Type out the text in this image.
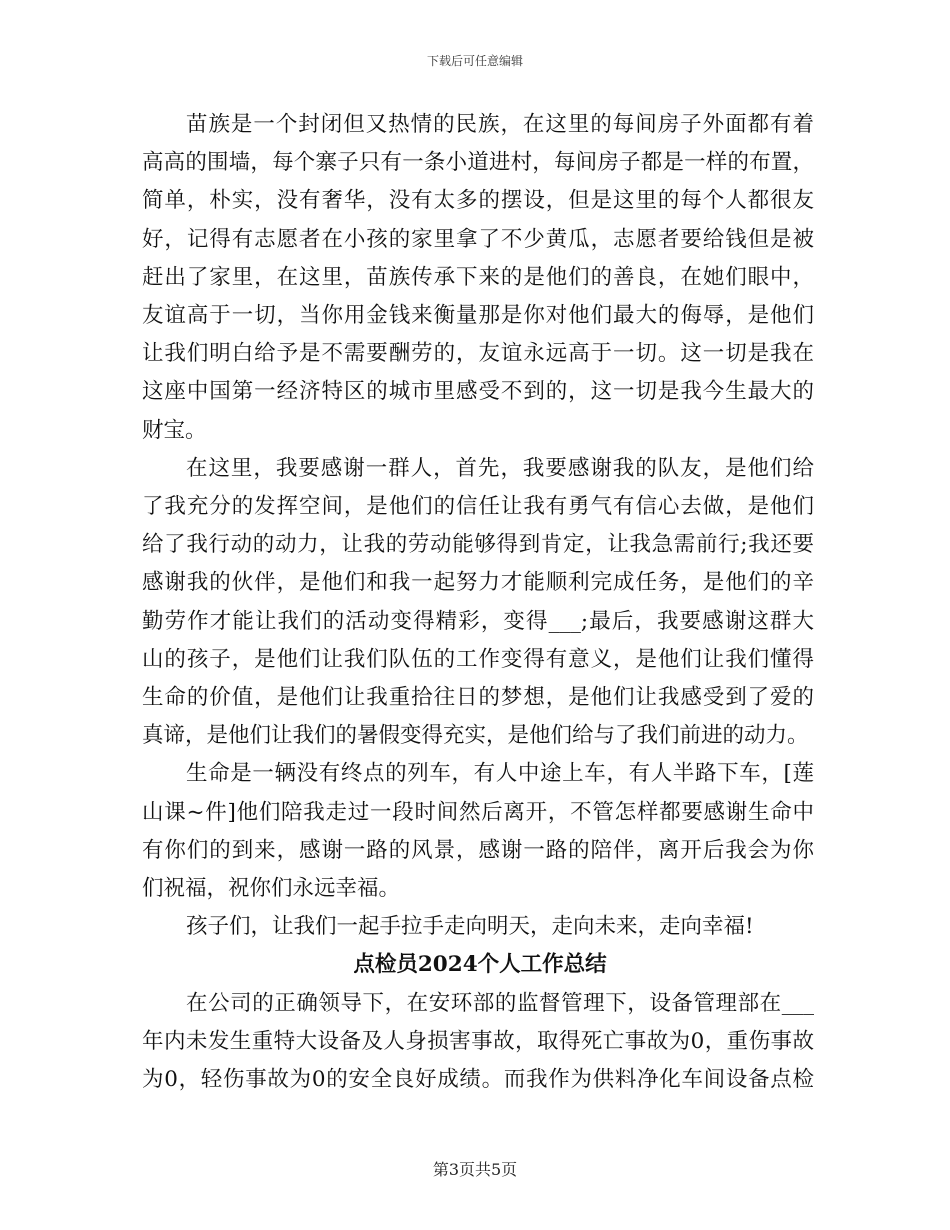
下载后可任意编辑

苗族是一个封闭但又热情的民族，在这里的每间房子外面都有着
高高的围墙，每个寨子只有一条小道进村，每间房子都是一样的布置，
简单，朴实，没有奢华，没有太多的摆设，但是这里的每个人都很友
好，记得有志愿者在小孩的家里拿了不少黄瓜，志愿者要给钱但是被
赶出了家里，在这里，苗族传承下来的是他们的善良，在她们眼中，
友谊高于一切，当你用金钱来衡量那是你对他们最大的侮辱，是他们
让我们明白给予是不需要酬劳的，友谊永远高于一切。这一切是我在
这座中国第一经济特区的城市里感受不到的，这一切是我今生最大的
财宝。

在这里，我要感谢一群人，首先，我要感谢我的队友，是他们给
了我充分的发挥空间，是他们的信任让我有勇气有信心去做，是他们
给了我行动的动力，让我的劳动能够得到肯定，让我急需前行;我还要
感谢我的伙伴，是他们和我一起努力才能顺利完成任务，是他们的辛
勤劳作才能让我们的活动变得精彩，变得___;最后，我要感谢这群大
山的孩子，是他们让我们队伍的工作变得有意义，是他们让我们懂得
生命的价值，是他们让我重拾往日的梦想，是他们让我感受到了爱的
真谛，是他们让我们的暑假变得充实，是他们给与了我们前进的动力。

生命是一辆没有终点的列车，有人中途上车，有人半路下车，[莲
山课~件]他们陪我走过一段时间然后离开，不管怎样都要感谢生命中
有你们的到来，感谢一路的风景，感谢一路的陪伴，离开后我会为你
们祝福，祝你们永远幸福。

孩子们，让我们一起手拉手走向明天，走向未来，走向幸福!

点检员2024个人工作总结

在公司的正确领导下，在安环部的监督管理下，设备管理部在___
年内未发生重特大设备及人身损害事故，取得死亡事故为0，重伤事故
为0，轻伤事故为0的安全良好成绩。而我作为供料净化车间设备点检

第3页共5页
